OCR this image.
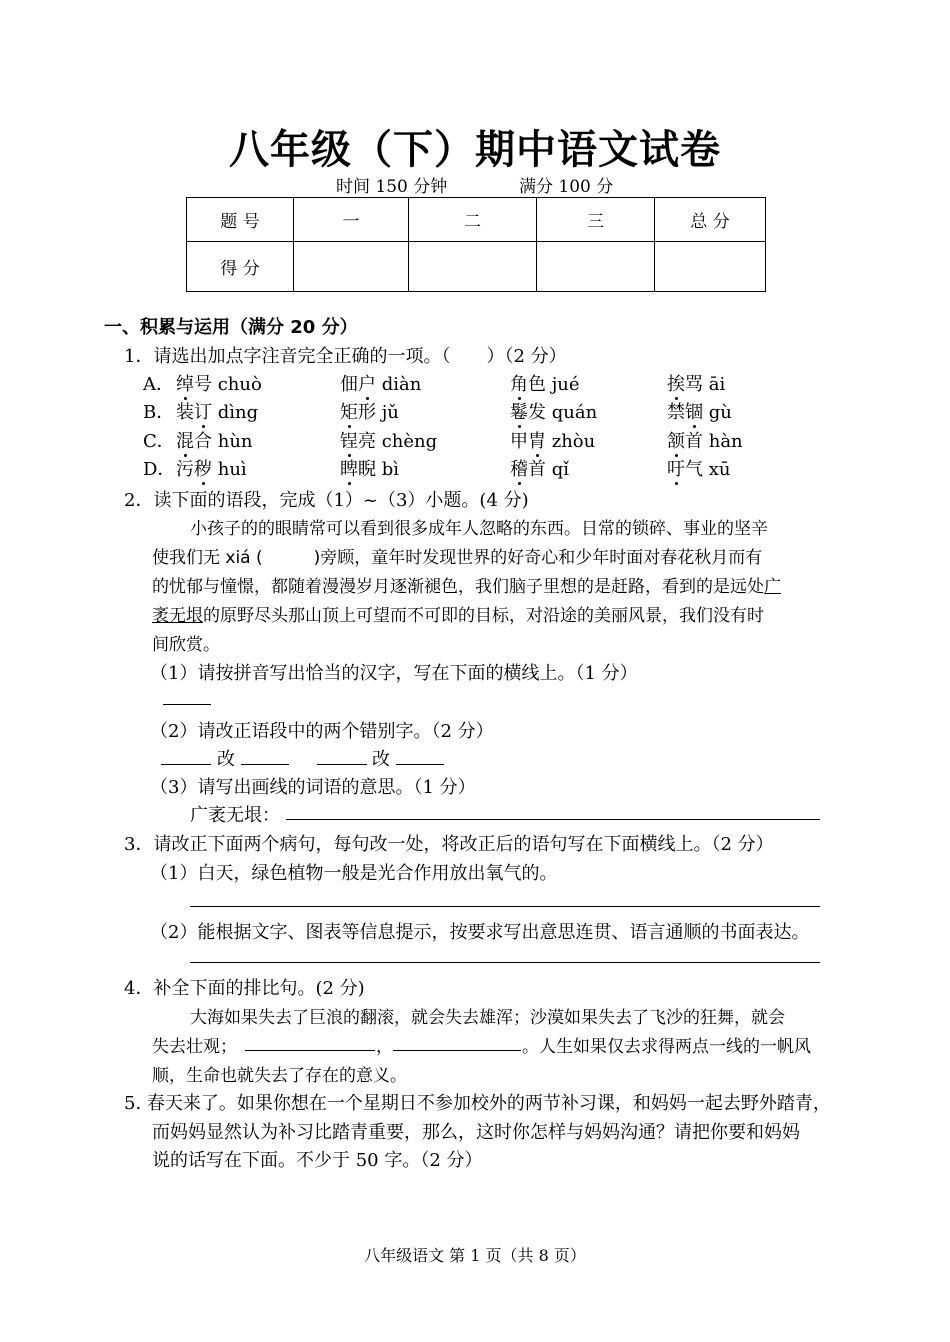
八年级（下）期中语文试卷
时间 150 分钟	满分 100 分
题 号	一	二	三	总 分
得 分				
一、积累与运用（满分 20 分）
1．请选出加点字注音完全正确的一项。（　　）（2 分）
A． 绰号 chuò	佃户 diàn	角色 jué	挨骂 āi
B． 装订 dìng	矩形 jǔ	鬈发 quán	禁锢 gù
C． 混合 hùn	锃亮 chèng	甲胄 zhòu	颔首 hàn
D． 污秽 huì	睥睨 bì	稽首 qǐ	吁气 xū
2．读下面的语段，完成（1）~（3）小题。(4 分)
小孩子的的眼睛常可以看到很多成年人忽略的东西。日常的锁碎、事业的坚辛
使我们无 xiá (　　　)旁顾，童年时发现世界的好奇心和少年时面对春花秋月而有
的忧郁与憧憬，都随着漫漫岁月逐渐褪色，我们脑子里想的是赶路，看到的是远处广
袤无垠的原野尽头那山顶上可望而不可即的目标，对沿途的美丽风景，我们没有时
间欣赏。
（1）请按拼音写出恰当的汉字，写在下面的横线上。（1 分）
（2）请改正语段中的两个错别字。（2 分）
改	改
（3）请写出画线的词语的意思。（1 分）
广袤无垠：
3．请改正下面两个病句，每句改一处，将改正后的语句写在下面横线上。（2 分）
（1）白天，绿色植物一般是光合作用放出氧气的。
（2）能根据文字、图表等信息提示，按要求写出意思连贯、语言通顺的书面表达。
4．补全下面的排比句。(2 分)
大海如果失去了巨浪的翻滚，就会失去雄浑；沙漠如果失去了飞沙的狂舞，就会
失去壮观；	，	。人生如果仅去求得两点一线的一帆风
顺，生命也就失去了存在的意义。
5. 春天来了。如果你想在一个星期日不参加校外的两节补习课，和妈妈一起去野外踏青，
而妈妈显然认为补习比踏青重要，那么，这时你怎样与妈妈沟通？请把你要和妈妈
说的话写在下面。不少于 50 字。（2 分）
八年级语文 第 1 页（共 8 页）
